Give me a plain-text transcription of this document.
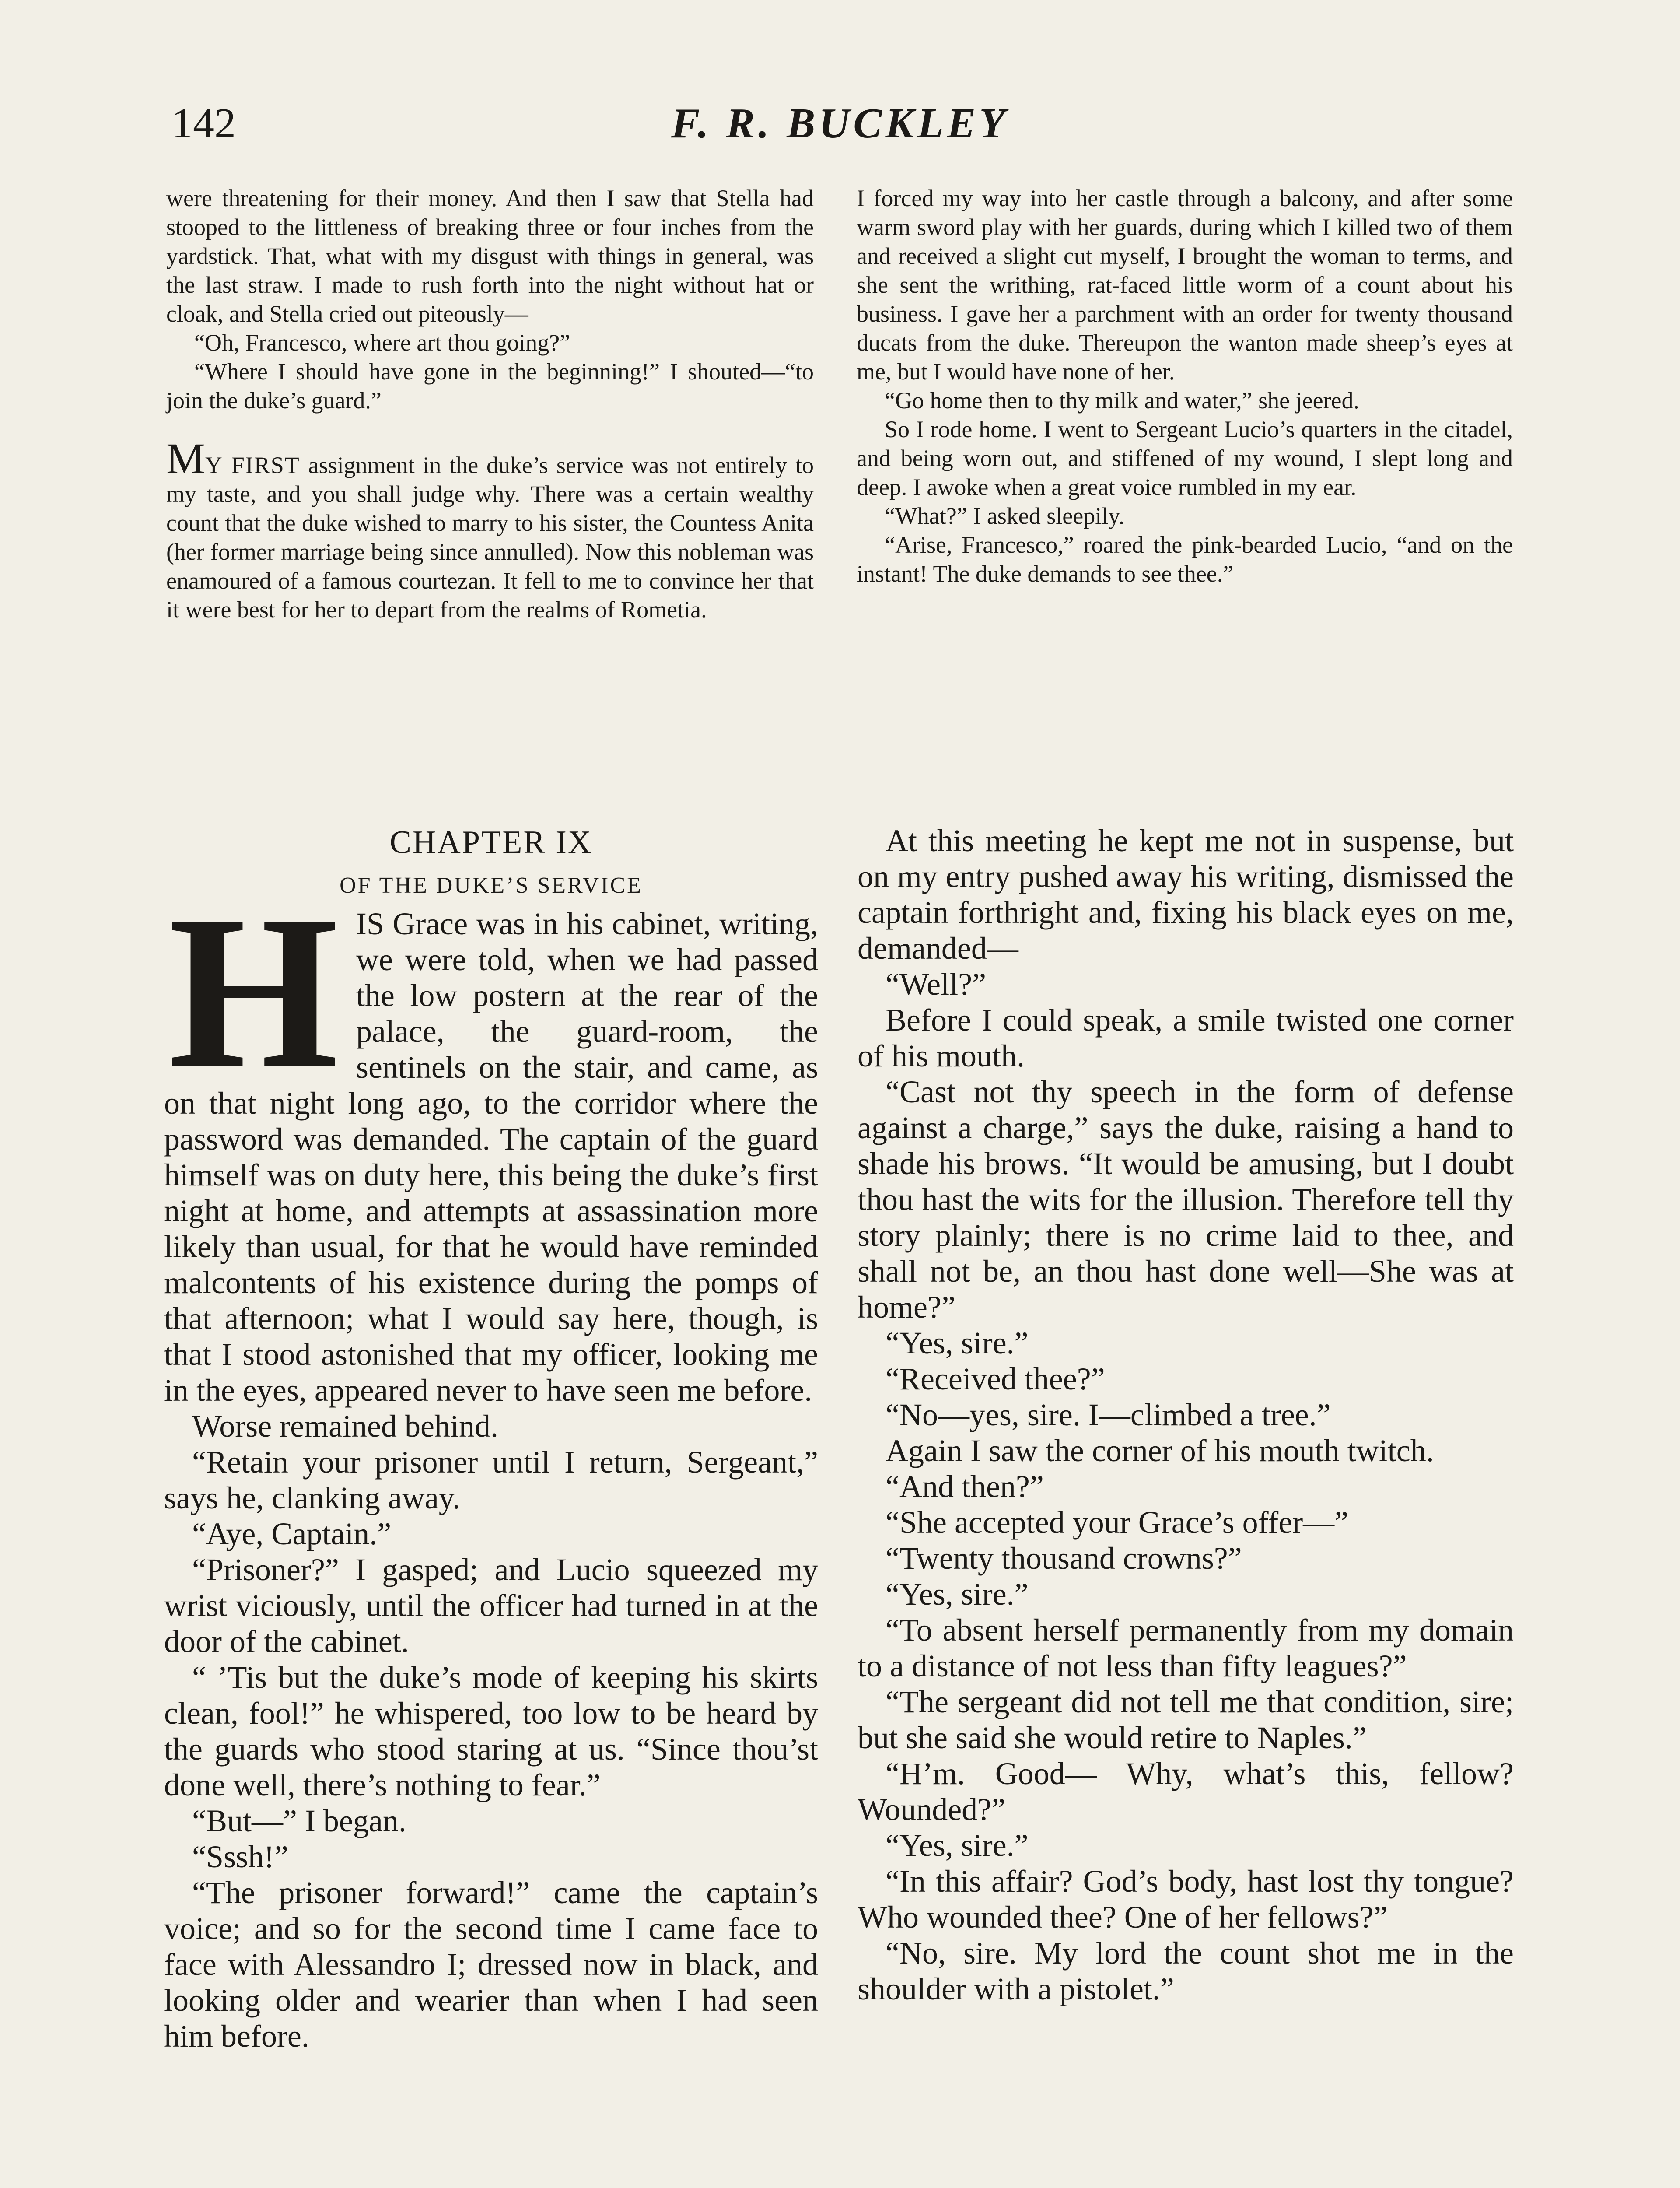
142	F. R. BUCKLEY

were threatening for their money. And then I saw that Stella had stooped to the littleness of breaking three or four inches from the yardstick. That, what with my disgust with things in general, was the last straw. I made to rush forth into the night without hat or cloak, and Stella cried out piteously—

“Oh, Francesco, where art thou going?”

“Where I should have gone in the beginning!” I shouted—“to join the duke’s guard.”

MY FIRST assignment in the duke’s service was not entirely to my taste, and you shall judge why. There was a certain wealthy count that the duke wished to marry to his sister, the Countess Anita (her former marriage being since annulled). Now this nobleman was enamoured of a famous courtezan. It fell to me to convince her that it were best for her to depart from the realms of Rometia.

I forced my way into her castle through a balcony, and after some warm sword play with her guards, during which I killed two of them and received a slight cut myself, I brought the woman to terms, and she sent the writhing, rat-faced little worm of a count about his business. I gave her a parchment with an order for twenty thousand ducats from the duke. Thereupon the wanton made sheep’s eyes at me, but I would have none of her.

“Go home then to thy milk and water,” she jeered.

So I rode home. I went to Sergeant Lucio’s quarters in the citadel, and being worn out, and stiffened of my wound, I slept long and deep. I awoke when a great voice rumbled in my ear.

“What?” I asked sleepily.

“Arise, Francesco,” roared the pink-bearded Lucio, “and on the instant! The duke demands to see thee.”

CHAPTER IX

OF THE DUKE’S SERVICE

HIS Grace was in his cabinet, writing, we were told, when we had passed the low postern at the rear of the palace, the guard-room, the sentinels on the stair, and came, as on that night long ago, to the corridor where the password was demanded. The captain of the guard himself was on duty here, this being the duke’s first night at home, and attempts at assassination more likely than usual, for that he would have reminded malcontents of his existence during the pomps of that afternoon; what I would say here, though, is that I stood astonished that my officer, looking me in the eyes, appeared never to have seen me before.

Worse remained behind.

“Retain your prisoner until I return, Sergeant,” says he, clanking away.

“Aye, Captain.”

“Prisoner?” I gasped; and Lucio squeezed my wrist viciously, until the officer had turned in at the door of the cabinet.

“ ’Tis but the duke’s mode of keeping his skirts clean, fool!” he whispered, too low to be heard by the guards who stood staring at us. “Since thou’st done well, there’s nothing to fear.”

“But—” I began.

“Sssh!”

“The prisoner forward!” came the captain’s voice; and so for the second time I came face to face with Alessandro I; dressed now in black, and looking older and wearier than when I had seen him before.

At this meeting he kept me not in suspense, but on my entry pushed away his writing, dismissed the captain forthright and, fixing his black eyes on me, demanded—

“Well?”

Before I could speak, a smile twisted one corner of his mouth.

“Cast not thy speech in the form of defense against a charge,” says the duke, raising a hand to shade his brows. “It would be amusing, but I doubt thou hast the wits for the illusion. Therefore tell thy story plainly; there is no crime laid to thee, and shall not be, an thou hast done well—She was at home?”

“Yes, sire.”

“Received thee?”

“No—yes, sire. I—climbed a tree.”

Again I saw the corner of his mouth twitch.

“And then?”

“She accepted your Grace’s offer—”

“Twenty thousand crowns?”

“Yes, sire.”

“To absent herself permanently from my domain to a distance of not less than fifty leagues?”

“The sergeant did not tell me that condition, sire; but she said she would retire to Naples.”

“H’m. Good— Why, what’s this, fellow? Wounded?”

“Yes, sire.”

“In this affair? God’s body, hast lost thy tongue? Who wounded thee? One of her fellows?”

“No, sire. My lord the count shot me in the shoulder with a pistolet.”
